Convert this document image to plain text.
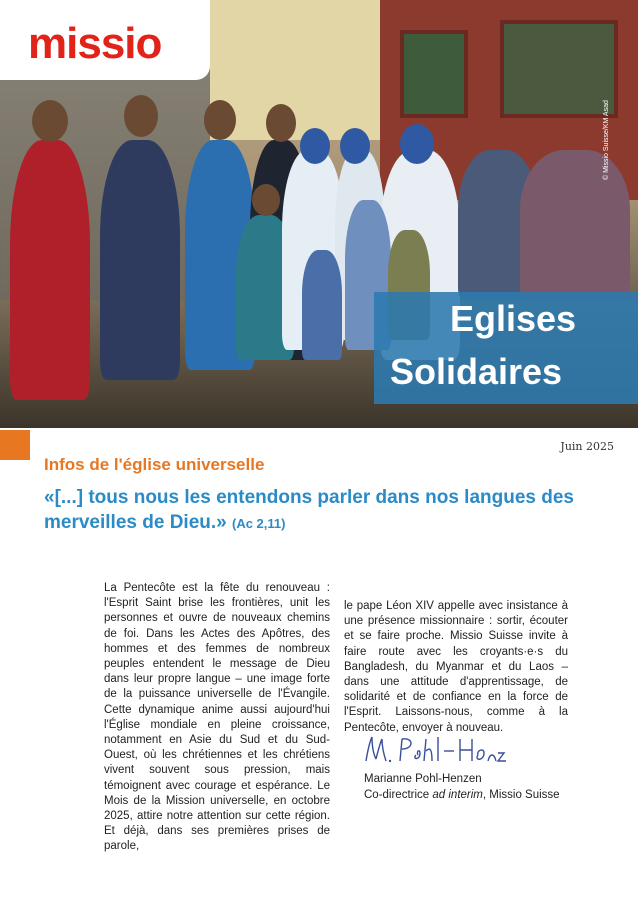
missio
© Missio Suisse/KM Asad
Eglises
Solidaires
Juin 2025
Infos de l'église universelle
«[...] tous nous les entendons parler dans nos langues des merveilles de Dieu.» (Ac 2,11)
La Pentecôte est la fête du renouveau : l'Esprit Saint brise les frontières, unit les personnes et ouvre de nouveaux chemins de foi. Dans les Actes des Apôtres, des hommes et des femmes de nombreux peuples entendent le message de Dieu dans leur propre langue – une image forte de la puissance universelle de l'Évangile. Cette dynamique anime aussi aujourd'hui l'Église mondiale en pleine croissance, notamment en Asie du Sud et du Sud-Ouest, où les chrétiennes et les chrétiens vivent souvent sous pression, mais témoignent avec courage et espérance. Le Mois de la Mission universelle, en octobre 2025, attire notre attention sur cette région. Et déjà, dans ses premières prises de parole,
le pape Léon XIV appelle avec insistance à une présence missionnaire : sortir, écouter et se faire proche. Missio Suisse invite à faire route avec les croyants·e·s du Bangladesh, du Myanmar et du Laos – dans une attitude d'apprentissage, de solidarité et de confiance en la force de l'Esprit. Laissons-nous, comme à la Pentecôte, envoyer à nouveau.
Marianne Pohl-Henzen
Co-directrice ad interim, Missio Suisse
